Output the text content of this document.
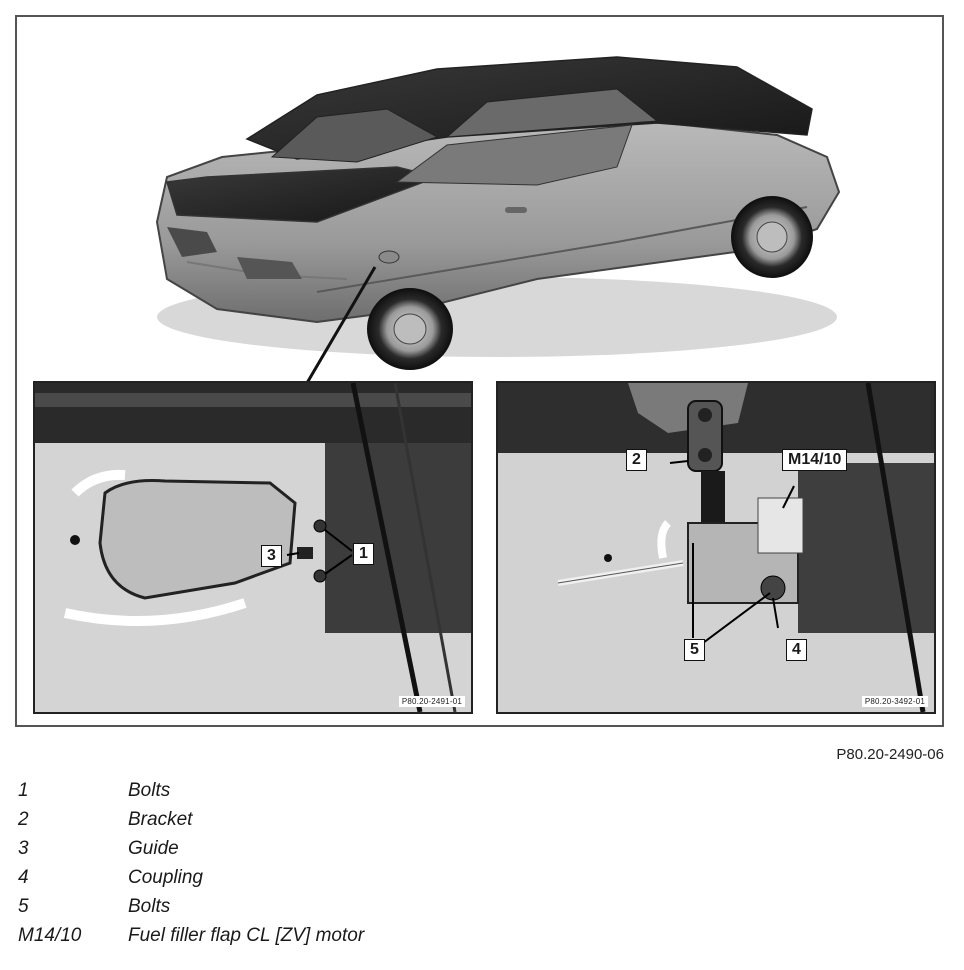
1
3
P80.20-2491-01
2	M14/10
5	4
P80.20-3492-01
P80.20-2490-06
1	Bolts
2	Bracket
3	Guide
4	Coupling
5	Bolts
M14/10	Fuel filler flap CL [ZV] motor
